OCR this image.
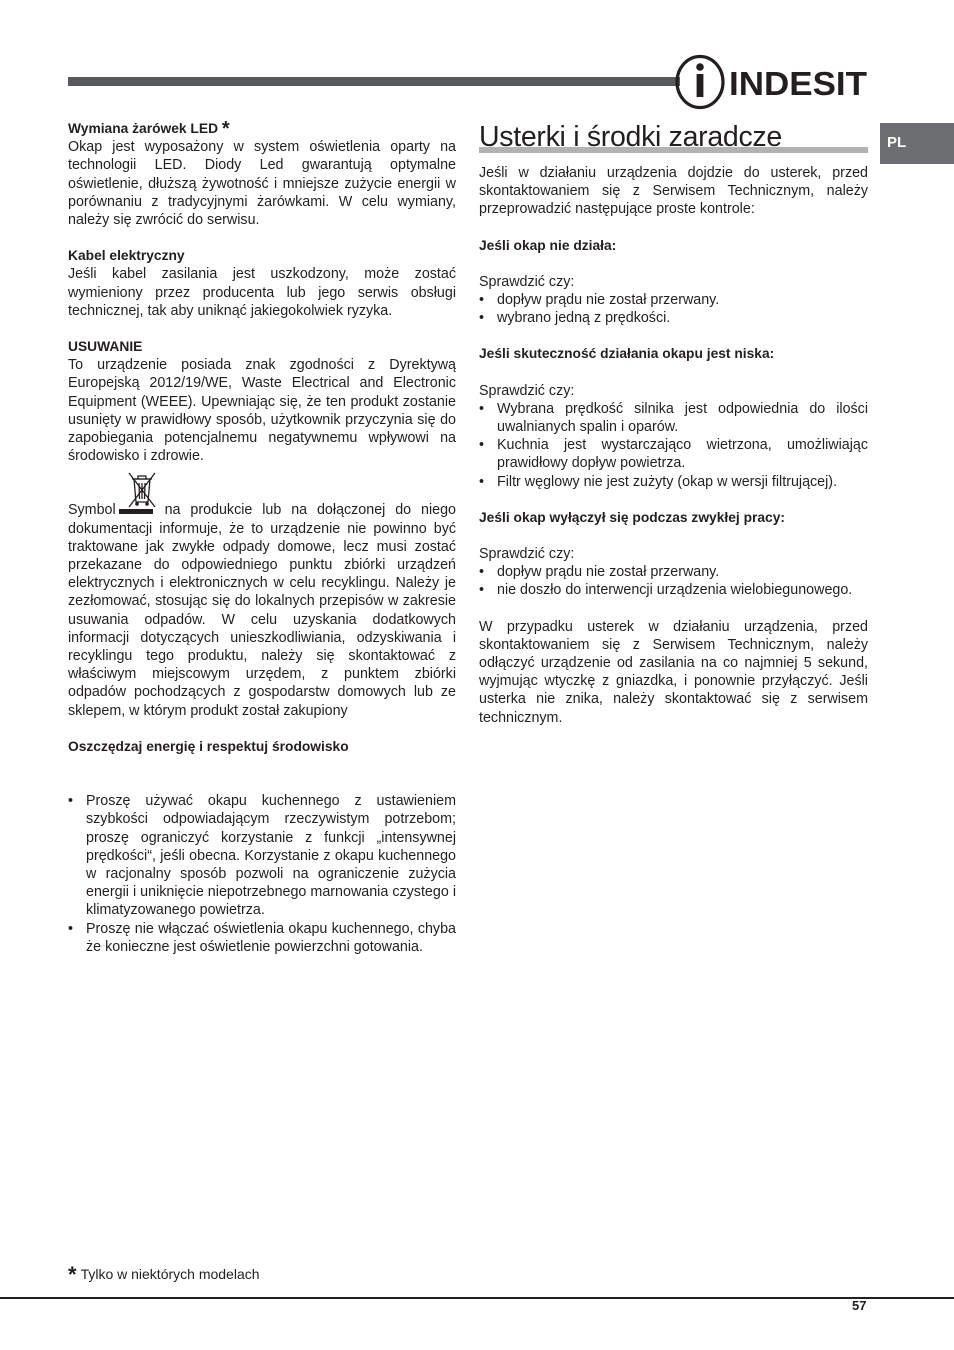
INDESIT
PL

Wymiana żarówek LED *

Okap jest wyposażony w system oświetlenia oparty na technologii LED. Diody Led gwarantują optymalne oświetlenie, dłuższą żywotność i mniejsze zużycie energii w porównaniu z tradycyjnymi żarówkami. W celu wymiany, należy się zwrócić do serwisu.

Kabel elektryczny

Jeśli kabel zasilania jest uszkodzony, może zostać wymieniony przez producenta lub jego serwis obsługi technicznej, tak aby uniknąć jakiegokolwiek ryzyka.

USUWANIE

To urządzenie posiada znak zgodności z Dyrektywą Europejską 2012/19/WE, Waste Electrical and Electronic Equipment (WEEE). Upewniając się, że ten produkt zostanie usunięty w prawidłowy sposób, użytkownik przyczynia się do zapobiegania potencjalnemu negatywnemu wpływowi na środowisko i zdrowie.

Symbol	na produkcie lub na dołączonej do niego dokumentacji informuje, że to urządzenie nie powinno być traktowane jak zwykłe odpady domowe, lecz musi zostać przekazane do odpowiedniego punktu zbiórki urządzeń elektrycznych i elektronicznych w celu recyklingu. Należy je zezłomować, stosując się do lokalnych przepisów w zakresie usuwania odpadów. W celu uzyskania dodatkowych informacji dotyczących unieszkodliwiania, odzyskiwania i recyklingu tego produktu, należy się skontaktować z właściwym miejscowym urzędem, z punktem zbiórki odpadów pochodzących z gospodarstw domowych lub ze sklepem, w którym produkt został zakupiony

Oszczędzaj energię i respektuj środowisko

• Proszę używać okapu kuchennego z ustawieniem szybkości odpowiadającym rzeczywistym potrzebom; proszę ograniczyć korzystanie z funkcji „intensywnej prędkości“, jeśli obecna. Korzystanie z okapu kuchennego w racjonalny sposób pozwoli na ograniczenie zużycia energii i uniknięcie niepotrzebnego marnowania czystego i klimatyzowanego powietrza.
• Proszę nie włączać oświetlenia okapu kuchennego, chyba że konieczne jest oświetlenie powierzchni gotowania.
Usterki i środki zaradcze

Jeśli w działaniu urządzenia dojdzie do usterek, przed skontaktowaniem się z Serwisem Technicznym, należy przeprowadzić następujące proste kontrole:

Jeśli okap nie działa:

Sprawdzić czy:

• dopływ prądu nie został przerwany.
• wybrano jedną z prędkości.

Jeśli skuteczność działania okapu jest niska:

Sprawdzić czy:

• Wybrana prędkość silnika jest odpowiednia do ilości uwalnianych spalin i oparów.
• Kuchnia jest wystarczająco wietrzona, umożliwiając prawidłowy dopływ powietrza.
• Filtr węglowy nie jest zużyty (okap w wersji filtrującej).

Jeśli okap wyłączył się podczas zwykłej pracy:

Sprawdzić czy:

• dopływ prądu nie został przerwany.
• nie doszło do interwencji urządzenia wielobiegunowego.

W przypadku usterek w działaniu urządzenia, przed skontaktowaniem się z Serwisem Technicznym, należy odłączyć urządzenie od zasilania na co najmniej 5 sekund, wyjmując wtyczkę z gniazdka, i ponownie przyłączyć. Jeśli usterka nie znika, należy skontaktować się z serwisem technicznym.

* Tylko w niektórych modelach
57
